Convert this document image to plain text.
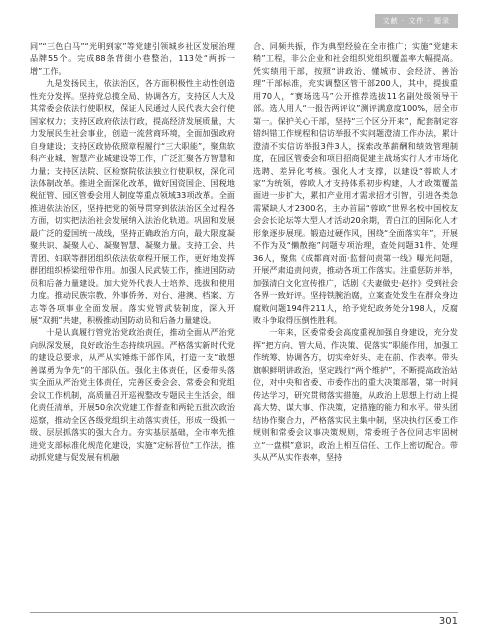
文献 · 文件 · 题录

同”“三色白马”“光明到家”等党建引领城乡社区发展治理品牌55个。完成88条背街小巷整治，113处“两拆一增”工作。

九是发扬民主，依法治区，各方面积极性主动性创造性充分发挥。坚持党总揽全局、协调各方，支持区人大及其常委会依法行使职权，保证人民通过人民代表大会行使国家权力；支持区政府依法行政，提高经济发展质量，大力发展民生社会事业，创造一流营商环境，全面加强政府自身建设；支持区政协依照章程履行“三大职能”，聚焦软科产业城、智慧产业城建设等工作，广泛汇聚各方智慧和力量；支持区法院、区检察院依法独立行使职权，深化司法体制改革。推进全面深化改革，做好国资国企、国税地税征管、园区管委会用人制度等重点领域33项改革。全面推进依法治区，坚持把党的领导贯穿到依法治区全过程各方面，切实把法治社会发展纳入法治化轨道。巩固和发展最广泛的爱国统一战线，坚持正确政治方向，最大限度凝聚共识、凝聚人心、凝聚智慧、凝聚力量。支持工会、共青团、妇联等群团组织依法依章程开展工作，更好地发挥群团组织桥梁纽带作用。加强人民武装工作，推进国防动员和后备力量建设。加大党外代表人士培养、选拔和使用力度。推动民族宗教、外事侨务、对台、港澳、档案、方志等各项事业全面发展。落实党管武装制度，深入开展“双拥”共建，积极推动国防动员和后备力量建设。

十是认真履行管党治党政治责任，推动全面从严治党向纵深发展，良好政治生态持续巩固。严格落实新时代党的建设总要求，从严从实锤炼干部作风，打造一支“敢想善谋勇为争先”的干部队伍。强化主体责任，区委带头落实全面从严治党主体责任，完善区委会会、常委会和党组会议工作机制，高质量召开巡视整改专题民主生活会，细化责任清单，开展50余次党建工作督查和两轮五批次政治巡察，推动全区各级党组织主动落实责任，形成一级抓一级、层层抓落实的强大合力。夯实基层基础，全市率先推进党支部标准化规范化建设，实施“定标晋位”工作法，推动抓党建与促发展有机融

合、同频共振，作为典型经验在全市推广；实施“党建未稍”工程，非公企业和社会组织党组织覆盖率大幅提高。凭实绩用干部，按照“讲政治、懂城市、会经济、善治理”干部标准，充实调整区管干部200人，其中，提拔重用70人，“赛场选马”公开推荐选拔11名副处级领导干部。选人用人“一报告两评议”测评满意度100%，居全市第一。保护关心干部，坚持“三个区分开来”，配套制定容错纠错工作规程和信访举报不实问题澄清工作办法，累计澄清不实信访举报3件3人，探索改革薪酬和绩效管理制度，在园区管委会和项目招商促建主战场实行人才市场化选聘、差异化考核。强化人才支撑，以建设“蓉欧人才家”为统领，蓉欧人才支持体系初步构建，人才政策覆盖面进一步扩大，累扣产业用才需求招才引智，引进各类急需紧缺人才2300名，主办首届“蓉欧”世界名校中国校友会会长论坛等大型人才活动20余期，青白江的国际化人才形象逐步展现。锻造过硬作风，围绕“全面落实年”，开展不作为及“懒散拖”问题专项治理，查处问题31件、处理36人，聚焦《成都商对面·监督问责第一线》曝光问题，开展严肃追责问责，推动各项工作落实。注重惩防并举，加强清白文化宣传推广，话剧《夫妻做史·赵抃》受到社会各界一致好评。坚持铁腕治腐，立案查处发生在群众身边腐败问题194件211人，给予党纪政务处分198人，反腐败斗争取得压倒性胜利。

一年来，区委常委会高度重视加强自身建设，充分发挥“把方向、管大局、作决策、促落实”职能作用，加强工作统筹、协调各方，切实牵好头、走在前、作表率。带头旗帜鲜明讲政治，坚定践行“两个维护”，不断提高政治站位，对中央和省委、市委作出的重大决策部署，第一时间传达学习，研究贯彻落实措施，从政治上思想上行动上提高大势、谋大事、作决策，定措施的能力和水平。带头团结协作聚合力，严格落实民主集中制，坚决执行区委工作规则和常委会议事决策规则，常委班子各位同志牢固树立“一盘棋”意识，政治上相互信任、工作上密切配合。带头从严从实作表率，坚持

301
